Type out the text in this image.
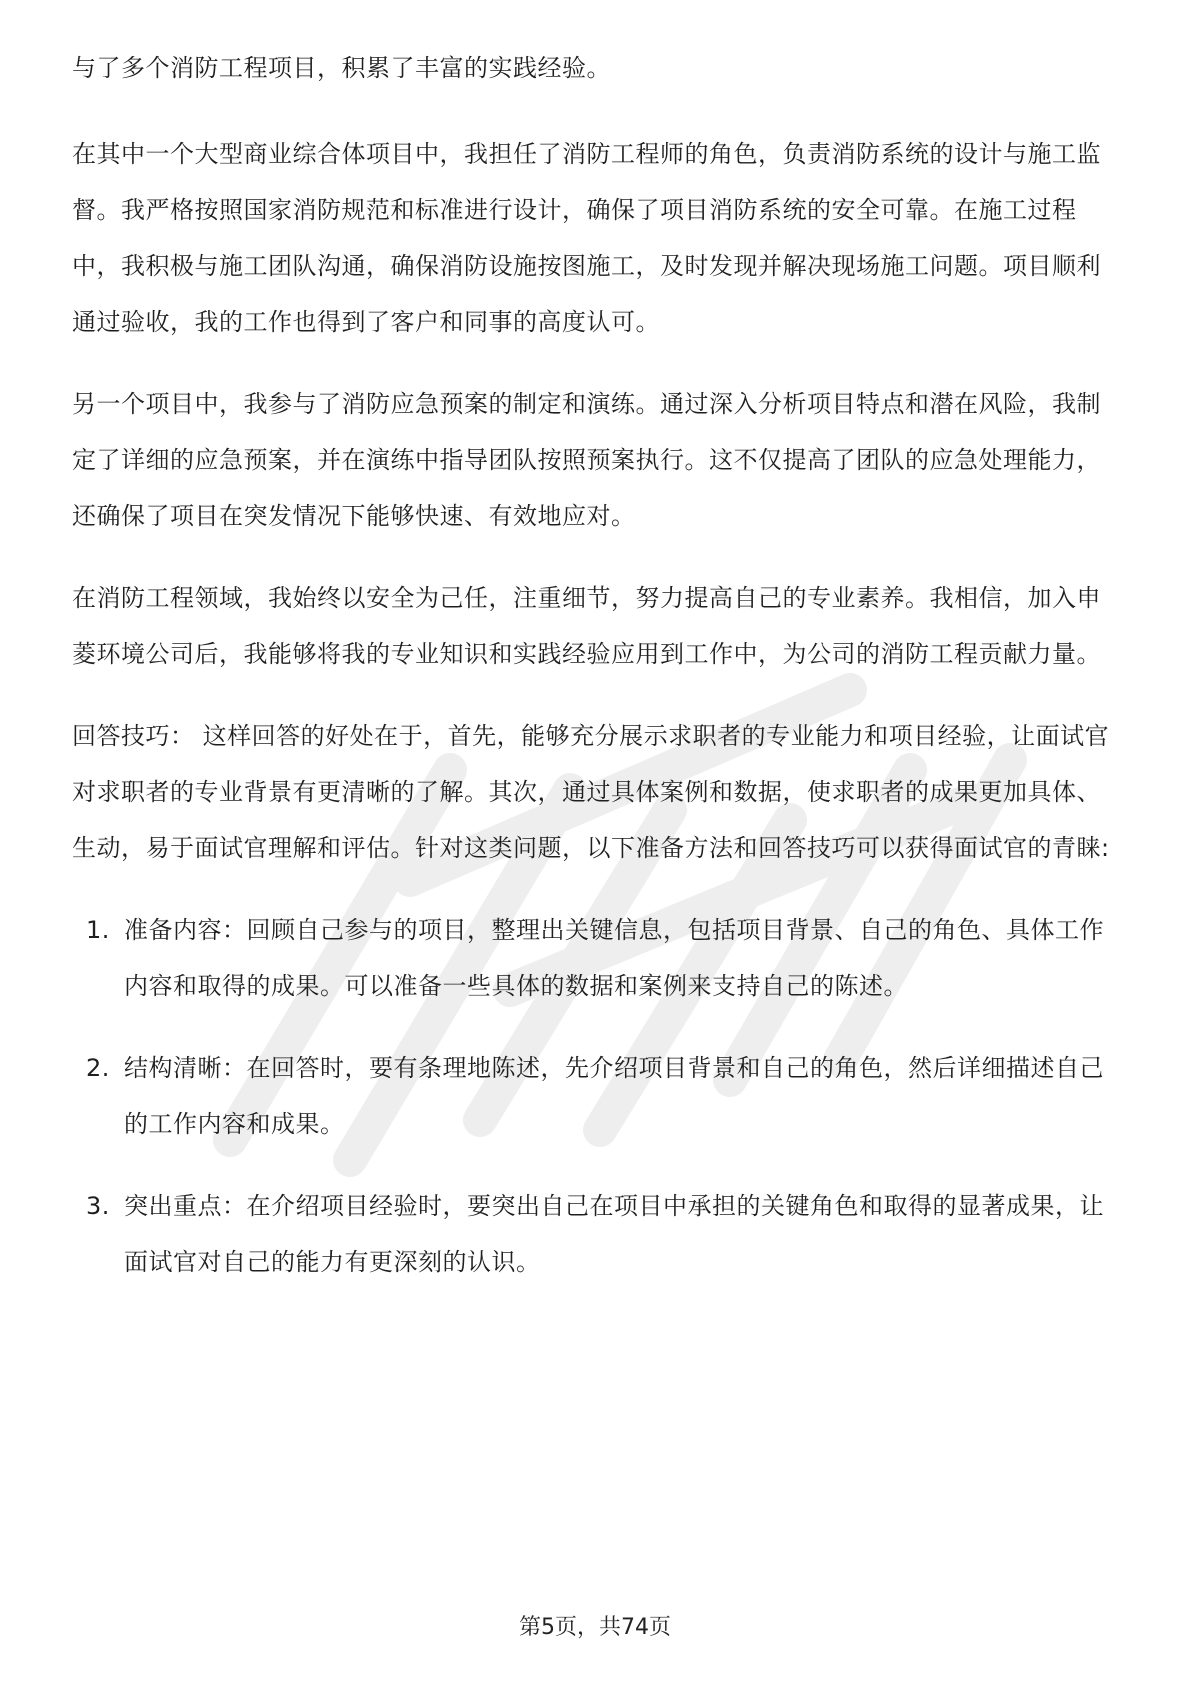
与了多个消防工程项目，积累了丰富的实践经验。

在其中一个大型商业综合体项目中，我担任了消防工程师的角色，负责消防系统的设计与施工监督。我严格按照国家消防规范和标准进行设计，确保了项目消防系统的安全可靠。在施工过程中，我积极与施工团队沟通，确保消防设施按图施工，及时发现并解决现场施工问题。项目顺利通过验收，我的工作也得到了客户和同事的高度认可。

另一个项目中，我参与了消防应急预案的制定和演练。通过深入分析项目特点和潜在风险，我制定了详细的应急预案，并在演练中指导团队按照预案执行。这不仅提高了团队的应急处理能力，还确保了项目在突发情况下能够快速、有效地应对。

在消防工程领域，我始终以安全为己任，注重细节，努力提高自己的专业素养。我相信，加入申菱环境公司后，我能够将我的专业知识和实践经验应用到工作中，为公司的消防工程贡献力量。

回答技巧： 这样回答的好处在于，首先，能够充分展示求职者的专业能力和项目经验，让面试官对求职者的专业背景有更清晰的了解。其次，通过具体案例和数据，使求职者的成果更加具体、生动，易于面试官理解和评估。针对这类问题，以下准备方法和回答技巧可以获得面试官的青睐:

1. 准备内容：回顾自己参与的项目，整理出关键信息，包括项目背景、自己的角色、具体工作内容和取得的成果。可以准备一些具体的数据和案例来支持自己的陈述。
2. 结构清晰：在回答时，要有条理地陈述，先介绍项目背景和自己的角色，然后详细描述自己的工作内容和成果。
3. 突出重点：在介绍项目经验时，要突出自己在项目中承担的关键角色和取得的显著成果，让面试官对自己的能力有更深刻的认识。
第5页，共74页
